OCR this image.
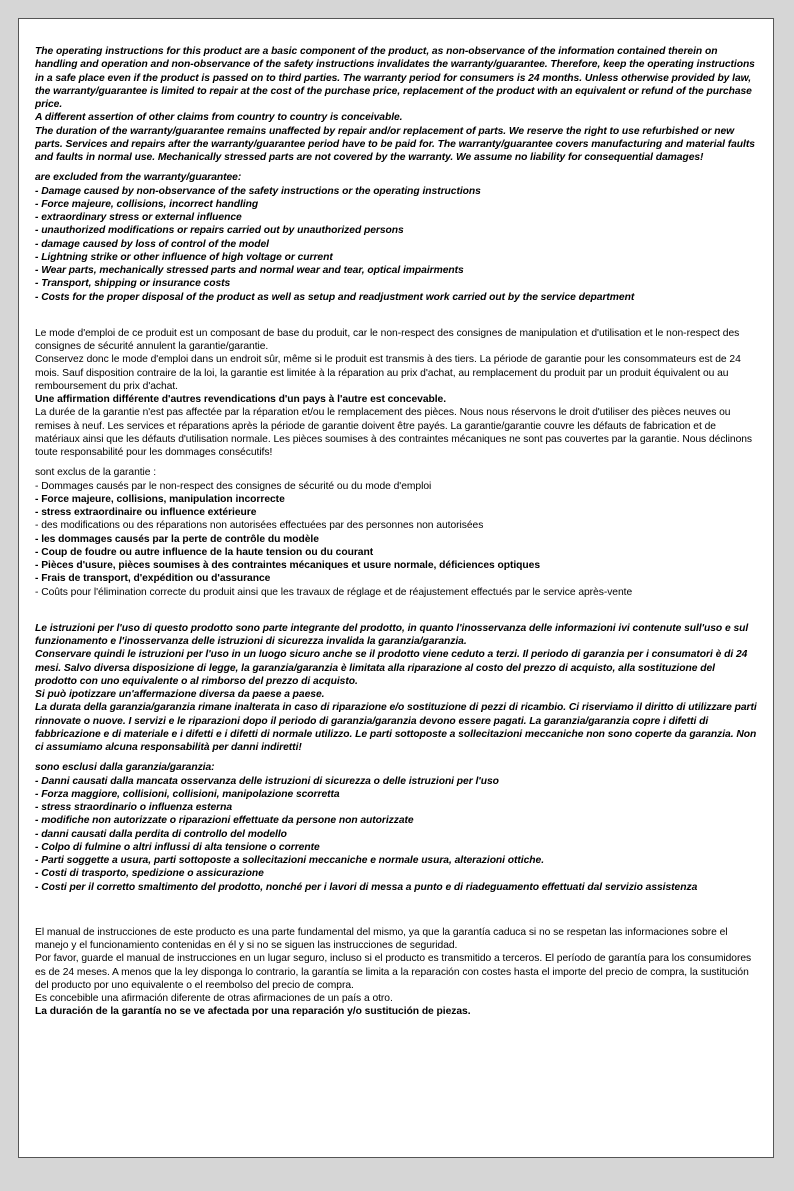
The operating instructions for this product are a basic component of the product, as non-observance of the information contained therein on handling and operation and non-observance of the safety instructions invalidates the warranty/guarantee. Therefore, keep the operating instructions in a safe place even if the product is passed on to third parties. The warranty period for consumers is 24 months. Unless otherwise provided by law, the warranty/guarantee is limited to repair at the cost of the purchase price, replacement of the product with an equivalent or refund of the purchase price.

A different assertion of other claims from country to country is conceivable.

The duration of the warranty/guarantee remains unaffected by repair and/or replacement of parts. We reserve the right to use refurbished or new parts. Services and repairs after the warranty/guarantee period have to be paid for. The warranty/guarantee covers manufacturing and material faults and faults in normal use. Mechanically stressed parts are not covered by the warranty. We assume no liability for consequential damages!

are excluded from the warranty/guarantee:
- Damage caused by non-observance of the safety instructions or the operating instructions
- Force majeure, collisions, incorrect handling
- extraordinary stress or external influence
- unauthorized modifications or repairs carried out by unauthorized persons
- damage caused by loss of control of the model
- Lightning strike or other influence of high voltage or current
- Wear parts, mechanically stressed parts and normal wear and tear, optical impairments
- Transport, shipping or insurance costs
- Costs for the proper disposal of the product as well as setup and readjustment work carried out by the service department

Le mode d'emploi de ce produit est un composant de base du produit, car le non-respect des consignes de manipulation et d'utilisation et le non-respect des consignes de sécurité annulent la garantie/garantie.

Conservez donc le mode d'emploi dans un endroit sûr, même si le produit est transmis à des tiers. La période de garantie pour les consommateurs est de 24 mois. Sauf disposition contraire de la loi, la garantie est limitée à la réparation au prix d'achat, au remplacement du produit par un produit équivalent ou au remboursement du prix d'achat.

Une affirmation différente d'autres revendications d'un pays à l'autre est concevable.

La durée de la garantie n'est pas affectée par la réparation et/ou le remplacement des pièces. Nous nous réservons le droit d'utiliser des pièces neuves ou remises à neuf. Les services et réparations après la période de garantie doivent être payés. La garantie/garantie couvre les défauts de fabrication et de matériaux ainsi que les défauts d'utilisation normale. Les pièces soumises à des contraintes mécaniques ne sont pas couvertes par la garantie. Nous déclinons toute responsabilité pour les dommages consécutifs!

sont exclus de la garantie :
- Dommages causés par le non-respect des consignes de sécurité ou du mode d'emploi
- Force majeure, collisions, manipulation incorrecte
- stress extraordinaire ou influence extérieure
- des modifications ou des réparations non autorisées effectuées par des personnes non autorisées
- les dommages causés par la perte de contrôle du modèle
- Coup de foudre ou autre influence de la haute tension ou du courant
- Pièces d'usure, pièces soumises à des contraintes mécaniques et usure normale, déficiences optiques
- Frais de transport, d'expédition ou d'assurance
- Coûts pour l'élimination correcte du produit ainsi que les travaux de réglage et de réajustement effectués par le service après-vente

Le istruzioni per l'uso di questo prodotto sono parte integrante del prodotto, in quanto l'inosservanza delle informazioni ivi contenute sull'uso e sul funzionamento e l'inosservanza delle istruzioni di sicurezza invalida la garanzia/garanzia.

Conservare quindi le istruzioni per l'uso in un luogo sicuro anche se il prodotto viene ceduto a terzi. Il periodo di garanzia per i consumatori è di 24 mesi. Salvo diversa disposizione di legge, la garanzia/garanzia è limitata alla riparazione al costo del prezzo di acquisto, alla sostituzione del prodotto con uno equivalente o al rimborso del prezzo di acquisto.

Si può ipotizzare un'affermazione diversa da paese a paese.

La durata della garanzia/garanzia rimane inalterata in caso di riparazione e/o sostituzione di pezzi di ricambio. Ci riserviamo il diritto di utilizzare parti rinnovate o nuove. I servizi e le riparazioni dopo il periodo di garanzia/garanzia devono essere pagati. La garanzia/garanzia copre i difetti di fabbricazione e di materiale e i difetti e i difetti di normale utilizzo. Le parti sottoposte a sollecitazioni meccaniche non sono coperte da garanzia. Non ci assumiamo alcuna responsabilità per danni indiretti!

sono esclusi dalla garanzia/garanzia:
- Danni causati dalla mancata osservanza delle istruzioni di sicurezza o delle istruzioni per l'uso
- Forza maggiore, collisioni, collisioni, manipolazione scorretta
- stress straordinario o influenza esterna
- modifiche non autorizzate o riparazioni effettuate da persone non autorizzate
- danni causati dalla perdita di controllo del modello
- Colpo di fulmine o altri influssi di alta tensione o corrente
- Parti soggette a usura, parti sottoposte a sollecitazioni meccaniche e normale usura, alterazioni ottiche.
- Costi di trasporto, spedizione o assicurazione
- Costi per il corretto smaltimento del prodotto, nonché per i lavori di messa a punto e di riadeguamento effettuati dal servizio assistenza

El manual de instrucciones de este producto es una parte fundamental del mismo, ya que la garantía caduca si no se respetan las informaciones sobre el manejo y el funcionamiento contenidas en él y si no se siguen las instrucciones de seguridad.

Por favor, guarde el manual de instrucciones en un lugar seguro, incluso si el producto es transmitido a terceros. El período de garantía para los consumidores es de 24 meses. A menos que la ley disponga lo contrario, la garantía se limita a la reparación con costes hasta el importe del precio de compra, la sustitución del producto por uno equivalente o el reembolso del precio de compra.

Es concebible una afirmación diferente de otras afirmaciones de un país a otro.

La duración de la garantía no se ve afectada por una reparación y/o sustitución de piezas.
